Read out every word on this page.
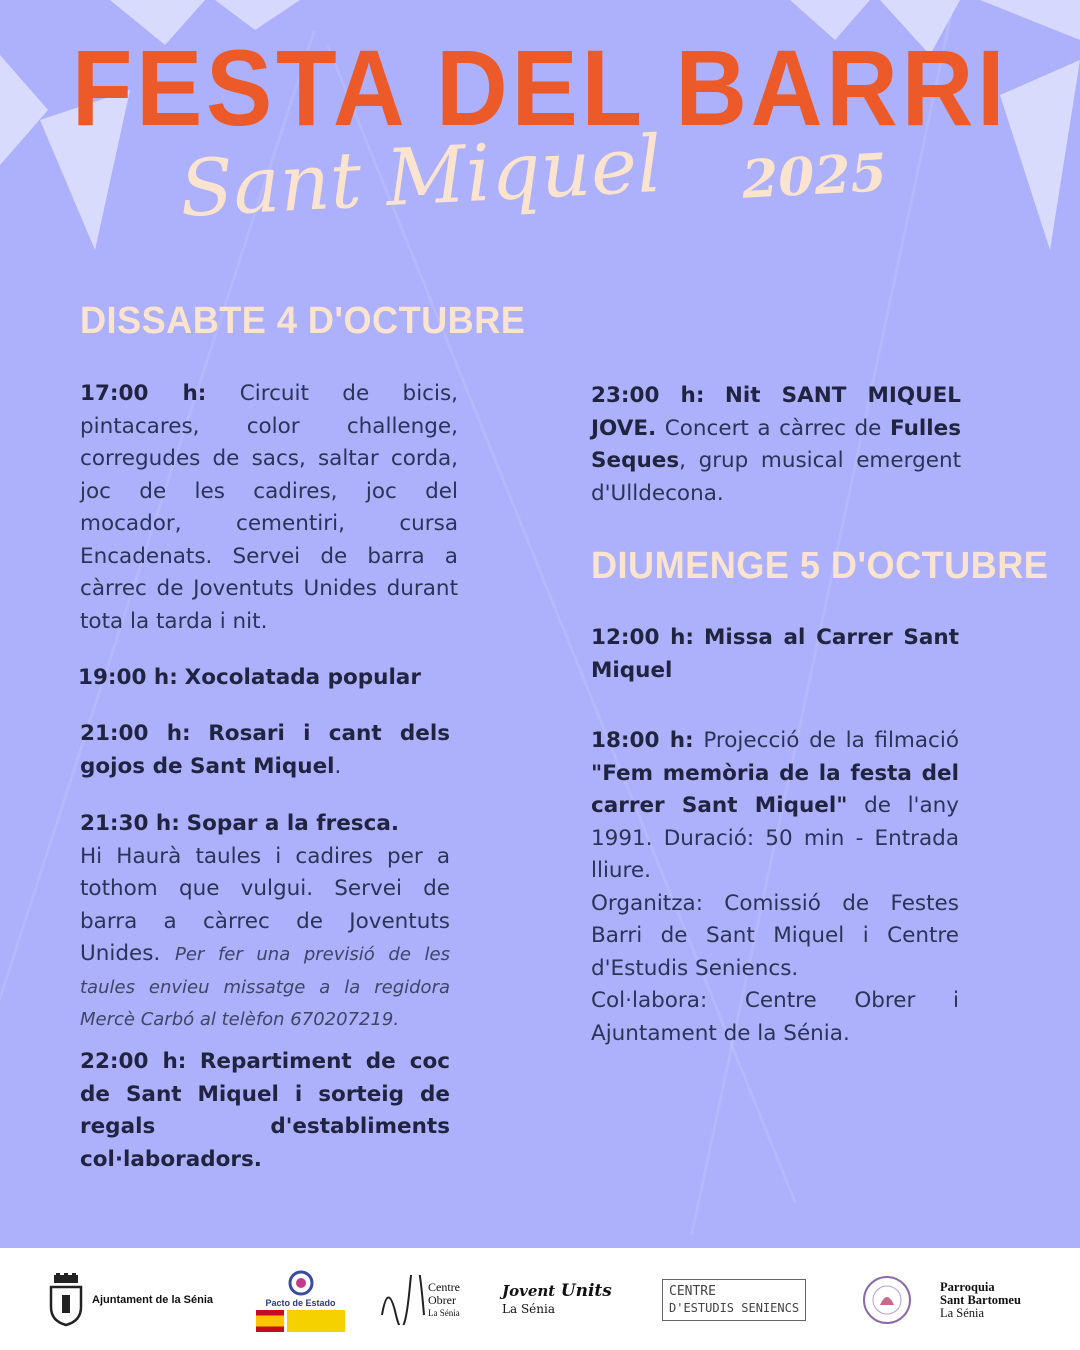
FESTA DEL BARRI
Sant Miquel 2025
DISSABTE 4 D'OCTUBRE

17:00 h: Circuit de bicis, pintacares, color challenge, corregudes de sacs, saltar corda, joc de les cadires, joc del mocador, cementiri, cursa Encadenats. Servei de barra a càrrec de Joventuts Unides durant tota la tarda i nit.

19:00 h: Xocolatada popular

21:00 h: Rosari i cant dels gojos de Sant Miquel.

21:30 h: Sopar a la fresca.
Hi Haurà taules i cadires per a tothom que vulgui. Servei de barra a càrrec de Joventuts Unides. Per fer una previsió de les taules envieu missatge a la regidora Mercè Carbó al telèfon 670207219.

22:00 h: Repartiment de coc de Sant Miquel i sorteig de regals d'establiments col·laboradors.

23:00 h: Nit SANT MIQUEL JOVE. Concert a càrrec de Fulles Seques, grup musical emergent d'Ulldecona.

DIUMENGE 5 D'OCTUBRE

12:00 h: Missa al Carrer Sant Miquel

18:00 h: Projecció de la filmació "Fem memòria de la festa del carrer Sant Miquel" de l'any 1991. Duració: 50 min - Entrada lliure.
Organitza: Comissió de Festes Barri de Sant Miquel i Centre d'Estudis Seniencs.
Col·labora: Centre Obrer i Ajuntament de la Sénia.

Ajuntament de la Sénia	Pacto de Estado
Centre
Obrer
La Sénia
Jovent Units
La Sénia
CENTRE
D'ESTUDIS SENIENCS
Parroquia
Sant Bartomeu
La Sénia
